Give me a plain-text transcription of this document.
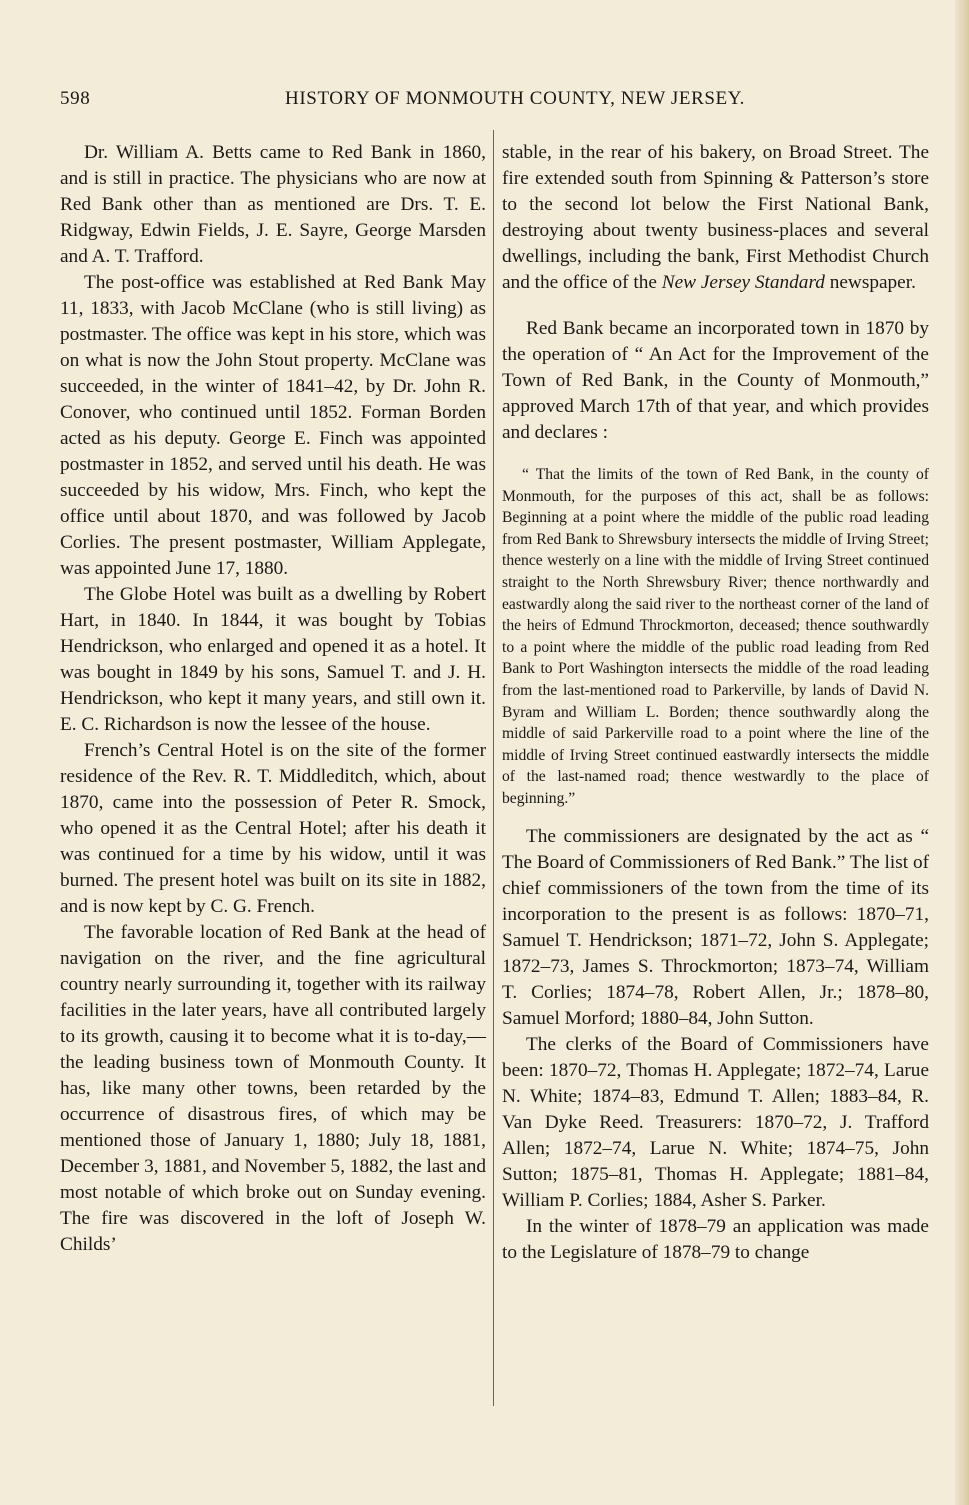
598	HISTORY OF MONMOUTH COUNTY, NEW JERSEY.

Dr. William A. Betts came to Red Bank in 1860, and is still in practice. The physicians who are now at Red Bank other than as mentioned are Drs. T. E. Ridgway, Edwin Fields, J. E. Sayre, George Marsden and A. T. Trafford.

The post-office was established at Red Bank May 11, 1833, with Jacob McClane (who is still living) as postmaster. The office was kept in his store, which was on what is now the John Stout property. McClane was succeeded, in the winter of 1841–42, by Dr. John R. Conover, who continued until 1852. Forman Borden acted as his deputy. George E. Finch was appointed postmaster in 1852, and served until his death. He was succeeded by his widow, Mrs. Finch, who kept the office until about 1870, and was followed by Jacob Corlies. The present postmaster, William Applegate, was appointed June 17, 1880.

The Globe Hotel was built as a dwelling by Robert Hart, in 1840. In 1844, it was bought by Tobias Hendrickson, who enlarged and opened it as a hotel. It was bought in 1849 by his sons, Samuel T. and J. H. Hendrickson, who kept it many years, and still own it. E. C. Richardson is now the lessee of the house.

French’s Central Hotel is on the site of the former residence of the Rev. R. T. Middleditch, which, about 1870, came into the possession of Peter R. Smock, who opened it as the Central Hotel; after his death it was continued for a time by his widow, until it was burned. The present hotel was built on its site in 1882, and is now kept by C. G. French.

The favorable location of Red Bank at the head of navigation on the river, and the fine agricultural country nearly surrounding it, together with its railway facilities in the later years, have all contributed largely to its growth, causing it to become what it is to-day,—the leading business town of Monmouth County. It has, like many other towns, been retarded by the occurrence of disastrous fires, of which may be mentioned those of January 1, 1880; July 18, 1881, December 3, 1881, and November 5, 1882, the last and most notable of which broke out on Sunday evening. The fire was discovered in the loft of Joseph W. Childs’

stable, in the rear of his bakery, on Broad Street. The fire extended south from Spinning & Patterson’s store to the second lot below the First National Bank, destroying about twenty business-places and several dwellings, including the bank, First Methodist Church and the office of the New Jersey Standard newspaper.

Red Bank became an incorporated town in 1870 by the operation of “ An Act for the Improvement of the Town of Red Bank, in the County of Monmouth,” approved March 17th of that year, and which provides and declares :

“ That the limits of the town of Red Bank, in the county of Monmouth, for the purposes of this act, shall be as follows: Beginning at a point where the middle of the public road leading from Red Bank to Shrewsbury intersects the middle of Irving Street; thence westerly on a line with the middle of Irving Street continued straight to the North Shrewsbury River; thence northwardly and eastwardly along the said river to the northeast corner of the land of the heirs of Edmund Throckmorton, deceased; thence southwardly to a point where the middle of the public road leading from Red Bank to Port Washington intersects the middle of the road leading from the last-mentioned road to Parkerville, by lands of David N. Byram and William L. Borden; thence southwardly along the middle of said Parkerville road to a point where the line of the middle of Irving Street continued eastwardly intersects the middle of the last-named road; thence westwardly to the place of beginning.”

The commissioners are designated by the act as “ The Board of Commissioners of Red Bank.” The list of chief commissioners of the town from the time of its incorporation to the present is as follows: 1870–71, Samuel T. Hendrickson; 1871–72, John S. Applegate; 1872–73, James S. Throckmorton; 1873–74, William T. Corlies; 1874–78, Robert Allen, Jr.; 1878–80, Samuel Morford; 1880–84, John Sutton.

The clerks of the Board of Commissioners have been: 1870–72, Thomas H. Applegate; 1872–74, Larue N. White; 1874–83, Edmund T. Allen; 1883–84, R. Van Dyke Reed. Treasurers: 1870–72, J. Trafford Allen; 1872–74, Larue N. White; 1874–75, John Sutton; 1875–81, Thomas H. Applegate; 1881–84, William P. Corlies; 1884, Asher S. Parker.

In the winter of 1878–79 an application was made to the Legislature of 1878–79 to change
